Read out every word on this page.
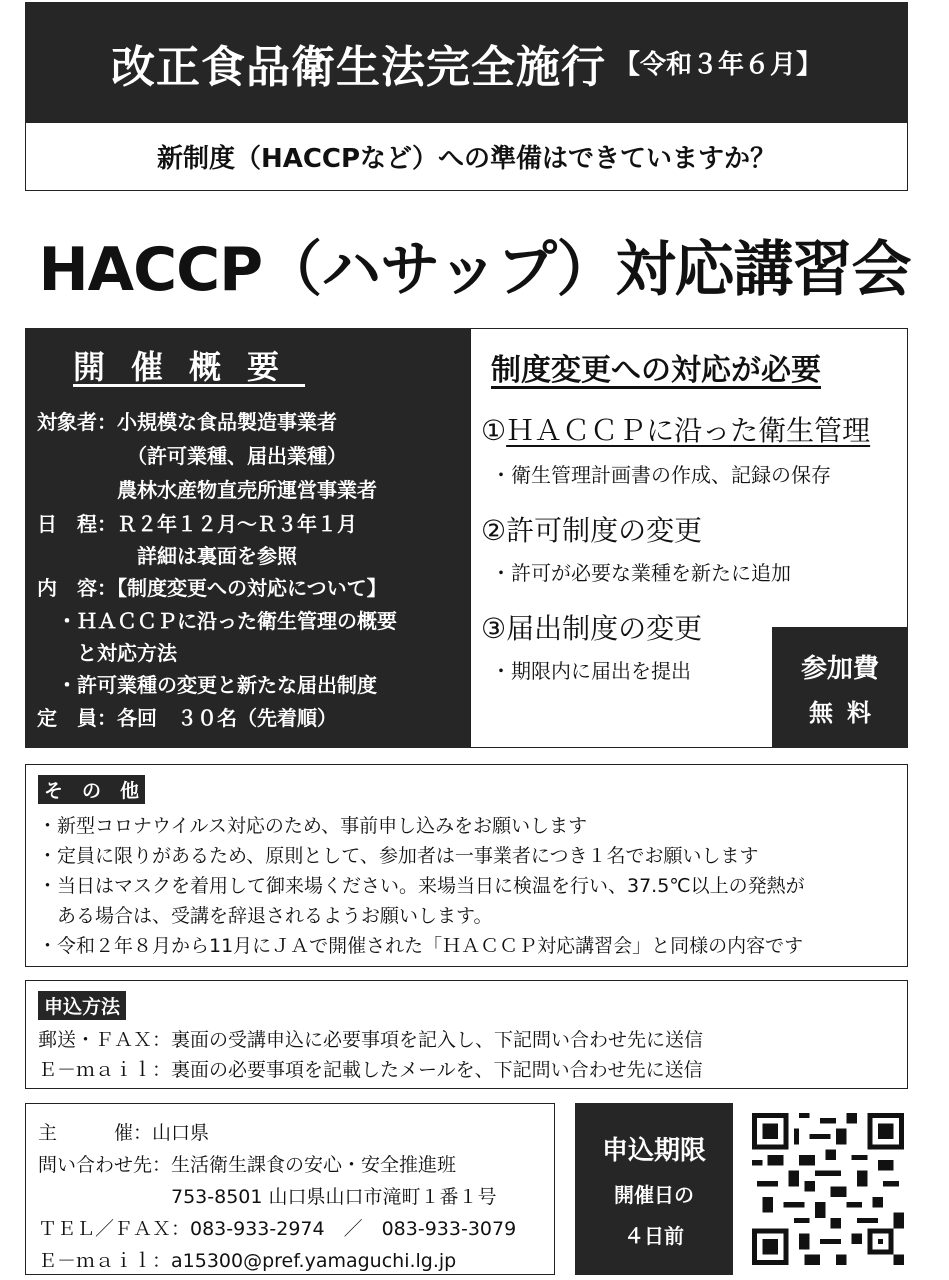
改正食品衛生法完全施行 【令和３年６月】
新制度（HACCPなど）への準備はできていますか？
HACCP（ハサップ）対応講習会
開催概要
対象者：小規模な食品製造事業者
　　　　　（許可業種、届出業種）
　　　　農林水産物直売所運営事業者
日　程：Ｒ２年１２月～Ｒ３年１月
　　　　　詳細は裏面を参照
内　容：【制度変更への対応について】
　・ＨＡＣＣＰに沿った衛生管理の概要
　　と対応方法
　・許可業種の変更と新たな届出制度
定　員：各回　３０名（先着順）
制度変更への対応が必要
①ＨＡＣＣＰに沿った衛生管理
・衛生管理計画書の作成、記録の保存
②許可制度の変更
・許可が必要な業種を新たに追加
③届出制度の変更
・期限内に届出を提出	参加費
無料
そ　の　他
・新型コロナウイルス対応のため、事前申し込みをお願いします
・定員に限りがあるため、原則として、参加者は一事業者につき１名でお願いします
・当日はマスクを着用して御来場ください。来場当日に検温を行い、37.5℃以上の発熱が
　ある場合は、受講を辞退されるようお願いします。
・令和２年８月から11月にＪＡで開催された「ＨＡＣＣＰ対応講習会」と同様の内容です
申込方法
郵送・ＦＡＸ：裏面の受講申込に必要事項を記入し、下記問い合わせ先に送信
Ｅ－ｍａｉｌ：裏面の必要事項を記載したメールを、下記問い合わせ先に送信
主　　　催：山口県
問い合わせ先：生活衛生課食の安心・安全推進班
　　　　　　　753-8501 山口県山口市滝町１番１号
ＴＥＬ／ＦＡＸ：083-933-2974　／　083-933-3079
Ｅ－ｍａｉｌ：a15300@pref.yamaguchi.lg.jp
申込期限
開催日の
４日前
